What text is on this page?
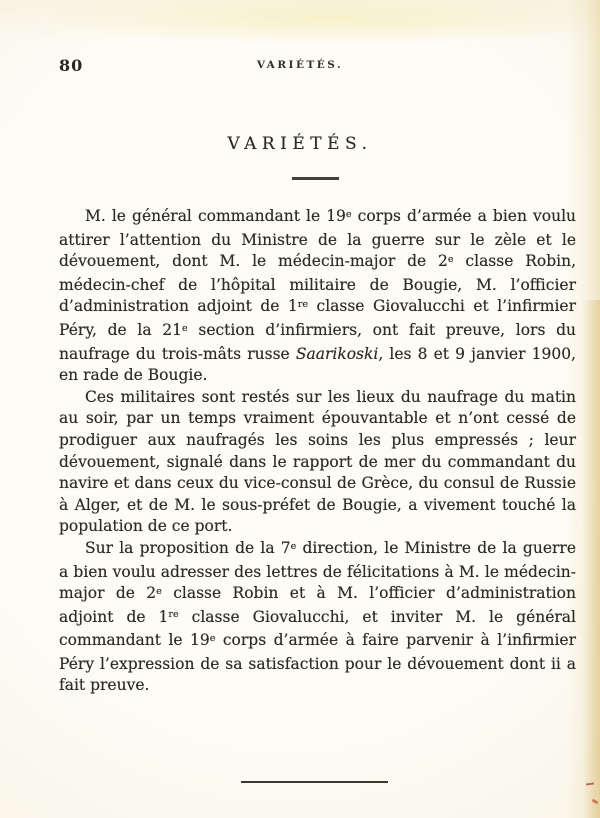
80	VARIÉTÉS.
VARIÉTÉS.

M. le général commandant le 19e corps d’armée a bien voulu attirer l’attention du Ministre de la guerre sur le zèle et le dévouement, dont M. le médecin-major de 2e classe Robin, médecin-chef de l’hôpital militaire de Bougie, M. l’officier d’administration adjoint de 1re classe Giovalucchi et l’infirmier Péry, de la 21e section d’infirmiers, ont fait preuve, lors du naufrage du trois-mâts russe Saarikoski, les 8 et 9 janvier 1900, en rade de Bougie.

Ces militaires sont restés sur les lieux du naufrage du matin au soir, par un temps vraiment épouvantable et n’ont cessé de prodiguer aux naufragés les soins les plus empressés ; leur dévouement, signalé dans le rapport de mer du commandant du navire et dans ceux du vice-consul de Grèce, du consul de Russie à Alger, et de M. le sous-préfet de Bougie, a vivement touché la population de ce port.

Sur la proposition de la 7e direction, le Ministre de la guerre a bien voulu adresser des lettres de félicitations à M. le médecin-major de 2e classe Robin et à M. l’officier d’administration adjoint de 1re classe Giovalucchi, et inviter M. le général commandant le 19e corps d’armée à faire parvenir à l’infirmier Péry l’expression de sa satisfaction pour le dévouement dont ii a fait preuve.
